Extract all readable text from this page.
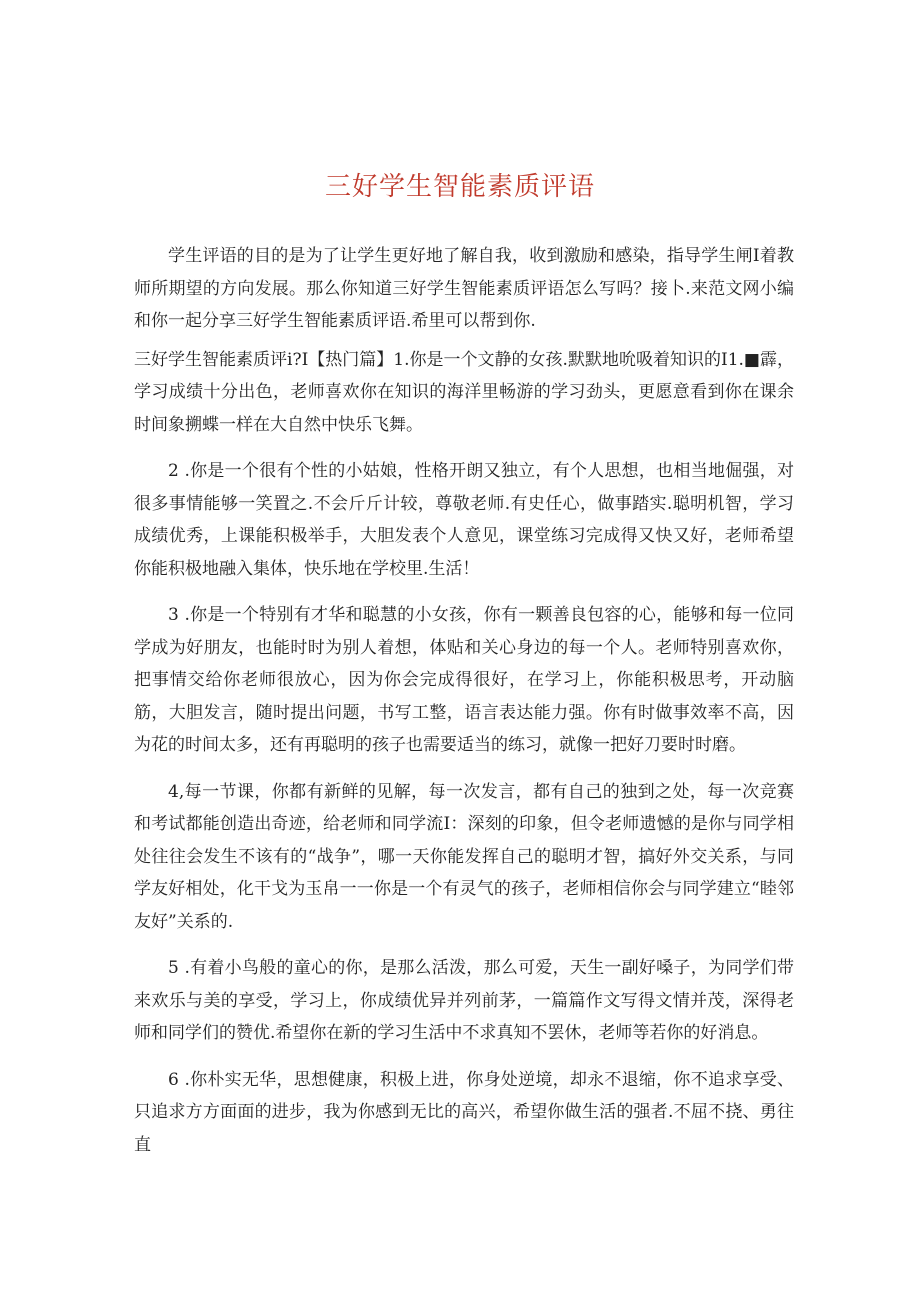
三好学生智能素质评语

学生评语的目的是为了让学生更好地了解自我，收到激励和感染，指导学生闸I着教师所期望的方向发展。那么你知道三好学生智能素质评语怎么写吗？接卜.来范文网小编和你一起分享三好学生智能素质评语.希里可以帮到你.

三好学生智能素质评i?I【热门篇】1.你是一个文静的女孩.默默地吮吸着知识的I1.■霹，学习成绩十分出色，老师喜欢你在知识的海洋里畅游的学习劲头，更愿意看到你在课余时间象搠蝶一样在大自然中快乐飞舞。

2 .你是一个很有个性的小姑娘，性格开朗又独立，有个人思想，也相当地倔强，对很多事情能够一笑置之.不会斤斤计较，尊敬老师.有史任心，做事踏实.聪明机智，学习成绩优秀，上课能积极举手，大胆发表个人意见，课堂练习完成得又快又好，老师希望你能积极地融入集体，快乐地在学校里.生活！

3 .你是一个特别有才华和聪慧的小女孩，你有一颗善良包容的心，能够和每一位同学成为好朋友，也能时时为别人着想，体贴和关心身边的每一个人。老师特别喜欢你，把事情交给你老师很放心，因为你会完成得很好，在学习上，你能积极思考，开动脑筋，大胆发言，随时提出问题，书写工整，语言表达能力强。你有时做事效率不高，因为花的时间太多，还有再聪明的孩子也需要适当的练习，就像一把好刀要时时磨。

4,每一节课，你都有新鲜的见解，每一次发言，都有自己的独到之处，每一次竞赛和考试都能创造出奇迹，给老师和同学流I：深刻的印象，但令老师遗憾的是你与同学相处往往会发生不该有的“战争”，哪一天你能发挥自己的聪明才智，搞好外交关系，与同学友好相处，化干戈为玉帛一一你是一个有灵气的孩子，老师相信你会与同学建立“睦邻友好”关系的.

5 .有着小鸟般的童心的你，是那么活泼，那么可爱，天生一副好嗓子，为同学们带来欢乐与美的享受，学习上，你成绩优异并列前茅，一篇篇作文写得文情并茂，深得老师和同学们的赞优.希望你在新的学习生活中不求真知不罢休，老师等若你的好消息。

6 .你朴实无华，思想健康，积极上进，你身处逆境，却永不退缩，你不追求享受、只追求方方面面的进步，我为你感到无比的高兴，希望你做生活的强者.不屈不挠、勇往直
